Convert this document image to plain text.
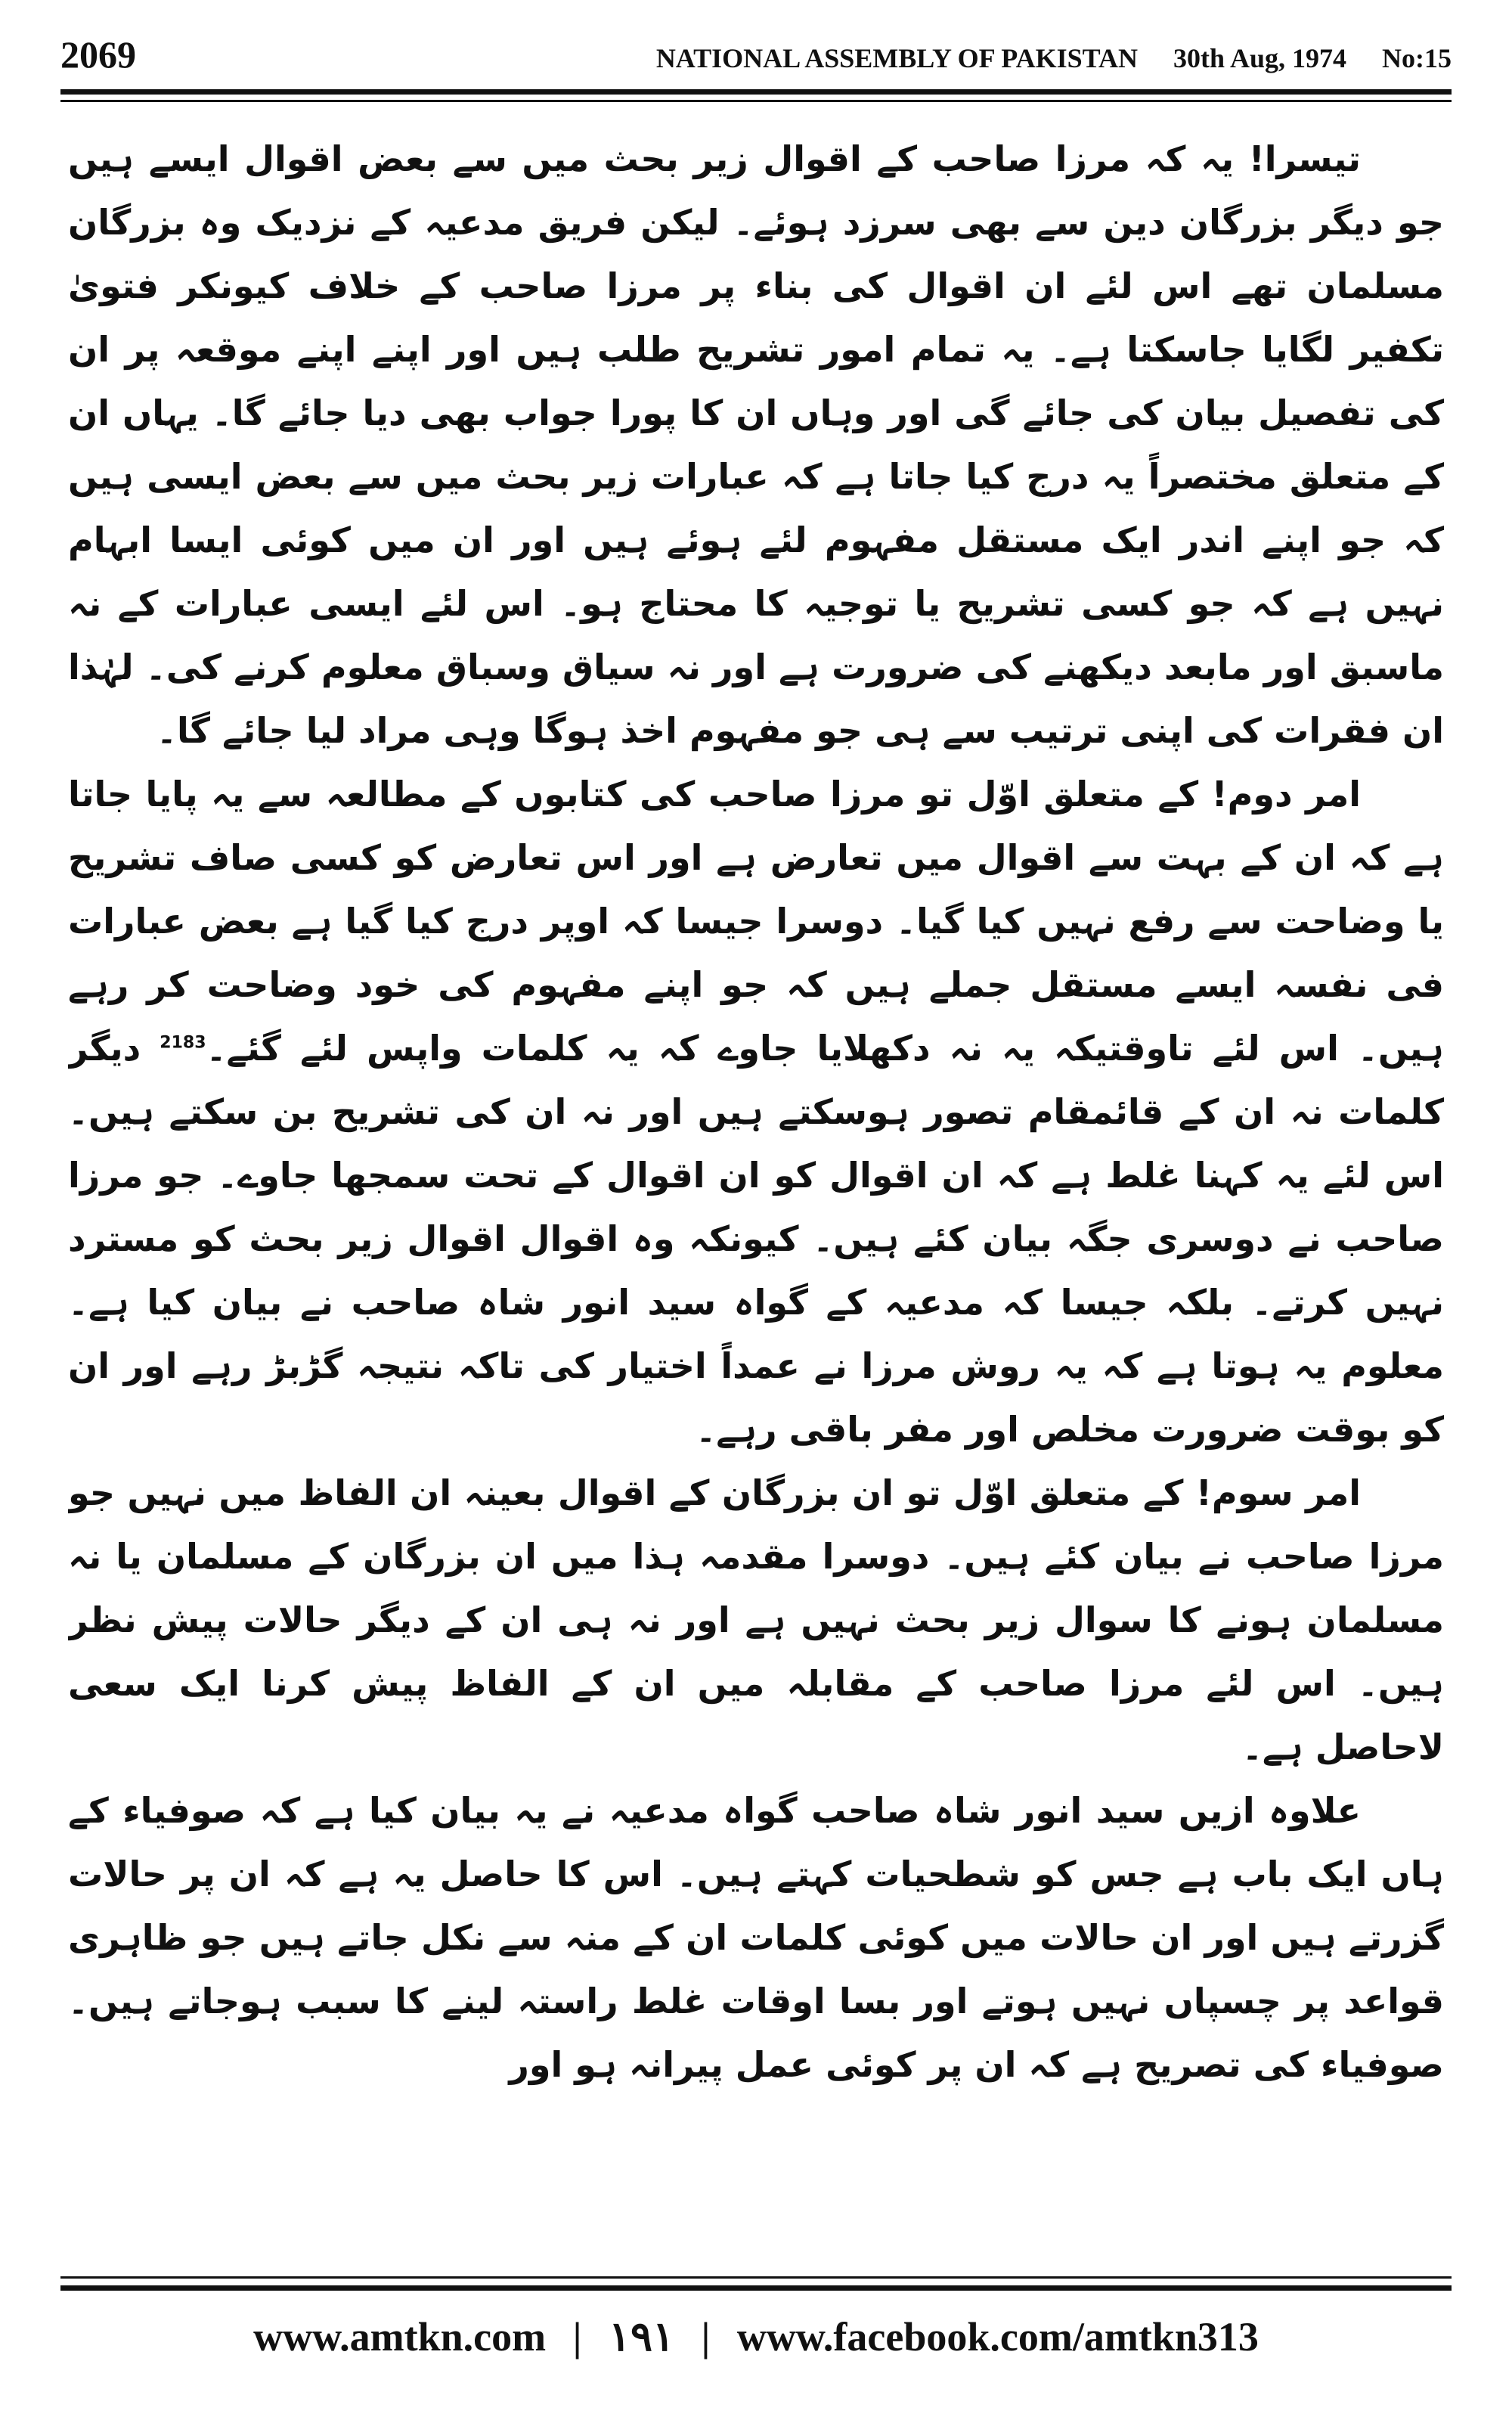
2069	NATIONAL ASSEMBLY OF PAKISTAN 30th Aug, 1974 No:15

تیسرا! یہ کہ مرزا صاحب کے اقوال زیر بحث میں سے بعض اقوال ایسے ہیں جو دیگر بزرگان دین سے بھی سرزد ہوئے۔ لیکن فریق مدعیہ کے نزدیک وہ بزرگان مسلمان تھے اس لئے ان اقوال کی بناء پر مرزا صاحب کے خلاف کیونکر فتویٰ تکفیر لگایا جاسکتا ہے۔ یہ تمام امور تشریح طلب ہیں اور اپنے اپنے موقعہ پر ان کی تفصیل بیان کی جائے گی اور وہاں ان کا پورا جواب بھی دیا جائے گا۔ یہاں ان کے متعلق مختصراً یہ درج کیا جاتا ہے کہ عبارات زیر بحث میں سے بعض ایسی ہیں کہ جو اپنے اندر ایک مستقل مفہوم لئے ہوئے ہیں اور ان میں کوئی ایسا ابہام نہیں ہے کہ جو کسی تشریح یا توجیہ کا محتاج ہو۔ اس لئے ایسی عبارات کے نہ ماسبق اور مابعد دیکھنے کی ضرورت ہے اور نہ سیاق وسباق معلوم کرنے کی۔ لہٰذا ان فقرات کی اپنی ترتیب سے ہی جو مفہوم اخذ ہوگا وہی مراد لیا جائے گا۔

امر دوم! کے متعلق اوّل تو مرزا صاحب کی کتابوں کے مطالعہ سے یہ پایا جاتا ہے کہ ان کے بہت سے اقوال میں تعارض ہے اور اس تعارض کو کسی صاف تشریح یا وضاحت سے رفع نہیں کیا گیا۔ دوسرا جیسا کہ اوپر درج کیا گیا ہے بعض عبارات فی نفسہ ایسے مستقل جملے ہیں کہ جو اپنے مفہوم کی خود وضاحت کر رہے ہیں۔ اس لئے تاوقتیکہ یہ نہ دکھلایا جاوے کہ یہ کلمات واپس لئے گئے۔$^{2183}$ دیگر کلمات نہ ان کے قائمقام تصور ہوسکتے ہیں اور نہ ان کی تشریح بن سکتے ہیں۔ اس لئے یہ کہنا غلط ہے کہ ان اقوال کو ان اقوال کے تحت سمجھا جاوے۔ جو مرزا صاحب نے دوسری جگہ بیان کئے ہیں۔ کیونکہ وہ اقوال اقوال زیر بحث کو مسترد نہیں کرتے۔ بلکہ جیسا کہ مدعیہ کے گواہ سید انور شاہ صاحب نے بیان کیا ہے۔ معلوم یہ ہوتا ہے کہ یہ روش مرزا نے عمداً اختیار کی تاکہ نتیجہ گڑبڑ رہے اور ان کو بوقت ضرورت مخلص اور مفر باقی رہے۔

امر سوم! کے متعلق اوّل تو ان بزرگان کے اقوال بعینہ ان الفاظ میں نہیں جو مرزا صاحب نے بیان کئے ہیں۔ دوسرا مقدمہ ہذا میں ان بزرگان کے مسلمان یا نہ مسلمان ہونے کا سوال زیر بحث نہیں ہے اور نہ ہی ان کے دیگر حالات پیش نظر ہیں۔ اس لئے مرزا صاحب کے مقابلہ میں ان کے الفاظ پیش کرنا ایک سعی لاحاصل ہے۔

علاوہ ازیں سید انور شاہ صاحب گواہ مدعیہ نے یہ بیان کیا ہے کہ صوفیاء کے ہاں ایک باب ہے جس کو شطحیات کہتے ہیں۔ اس کا حاصل یہ ہے کہ ان پر حالات گزرتے ہیں اور ان حالات میں کوئی کلمات ان کے منہ سے نکل جاتے ہیں جو ظاہری قواعد پر چسپاں نہیں ہوتے اور بسا اوقات غلط راستہ لینے کا سبب ہوجاتے ہیں۔ صوفیاء کی تصریح ہے کہ ان پر کوئی عمل پیرانہ ہو اور

www.amtkn.com | ١٩١ | www.facebook.com/amtkn313
